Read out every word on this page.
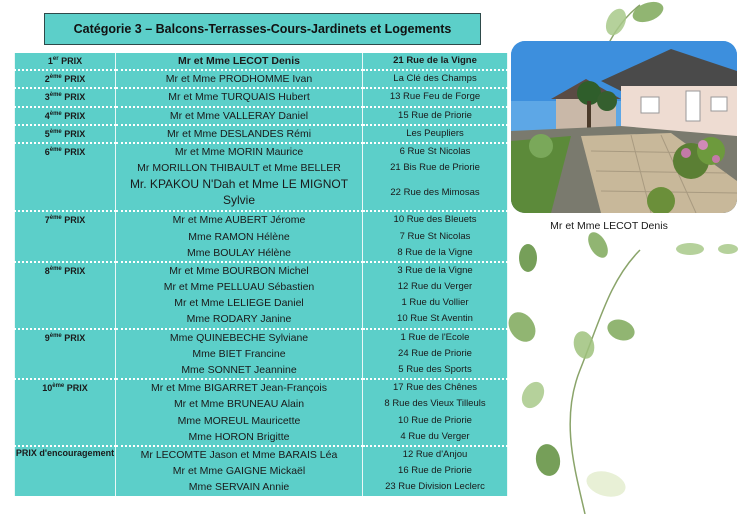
Catégorie 3 – Balcons-Terrasses-Cours-Jardinets et Logements
1er PRIX	Mr et Mme LECOT Denis	21 Rue de la Vigne

2ème PRIX	Mr et Mme PRODHOMME Ivan	La Clé des Champs

3ème PRIX	Mr et Mme TURQUAIS Hubert	13 Rue Feu de Forge

4ème PRIX	Mr et Mme VALLERAY Daniel	15 Rue de Priorie

5ème PRIX	Mr et Mme DESLANDES Rémi	Les Peupliers

6ème PRIX	Mr et Mme MORIN Maurice	6 Rue St Nicolas

	Mr MORILLON THIBAULT et Mme BELLER	21 Bis Rue de Priorie

	Mr. KPAKOU N'Dah et Mme LE MIGNOT Sylvie	22 Rue des Mimosas

7ème PRIX	Mr et Mme AUBERT Jérome	10 Rue des Bleuets

	Mme RAMON Hélène	7 Rue St Nicolas

	Mme BOULAY Hélène	8 Rue de la Vigne

8ème PRIX	Mr et Mme BOURBON Michel	3 Rue de la Vigne

	Mr et Mme PELLUAU Sébastien	12 Rue du Verger

	Mr et Mme LELIEGE Daniel	1 Rue du Vollier

	Mme RODARY Janine	10 Rue St Aventin

9ème PRIX	Mme QUINEBECHE Sylviane	1 Rue de l'Ecole

	Mme BIET Francine	24 Rue de Priorie

	Mme SONNET Jeannine	5 Rue des Sports

10ème PRIX	Mr et Mme BIGARRET Jean-François	17 Rue des Chênes

	Mr et Mme BRUNEAU Alain	8 Rue des Vieux Tilleuls

	Mme MOREUL Mauricette	10 Rue de Priorie

	Mme HORON Brigitte	4 Rue du Verger

PRIX d'encouragement	Mr LECOMTE Jason et Mme BARAIS Léa	12 Rue d'Anjou

	Mr et Mme GAIGNE Mickaël	16 Rue de Priorie

	Mme SERVAIN Annie	23 Rue Division Leclerc
Mr et Mme LECOT Denis
